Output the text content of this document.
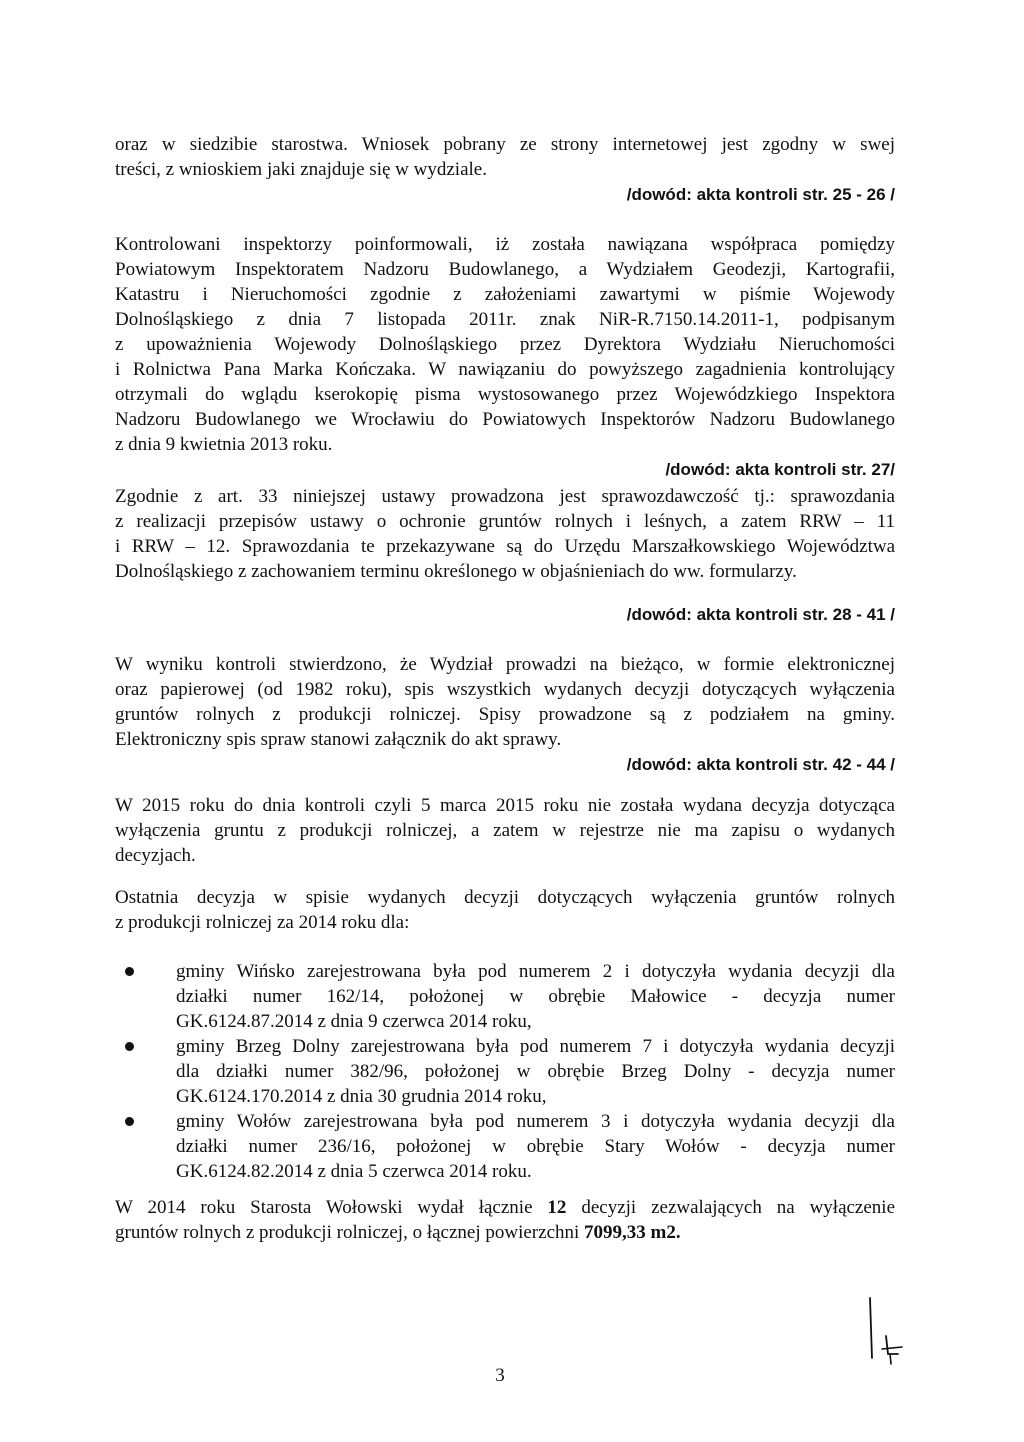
oraz w siedzibie starostwa. Wniosek pobrany ze strony internetowej jest zgodny w swej
treści, z wnioskiem jaki znajduje się w wydziale.
/dowód: akta kontroli str. 25 - 26 /
Kontrolowani inspektorzy poinformowali, iż została nawiązana współpraca pomiędzy
Powiatowym Inspektoratem Nadzoru Budowlanego, a Wydziałem Geodezji, Kartografii,
Katastru i Nieruchomości zgodnie z założeniami zawartymi w piśmie Wojewody
Dolnośląskiego z dnia 7 listopada 2011r. znak NiR-R.7150.14.2011-1, podpisanym
z upoważnienia Wojewody Dolnośląskiego przez Dyrektora Wydziału Nieruchomości
i Rolnictwa Pana Marka Kończaka. W nawiązaniu do powyższego zagadnienia kontrolujący
otrzymali do wglądu kserokopię pisma wystosowanego przez Wojewódzkiego Inspektora
Nadzoru Budowlanego we Wrocławiu do Powiatowych Inspektorów Nadzoru Budowlanego
z dnia 9 kwietnia 2013 roku.
/dowód: akta kontroli str. 27/
Zgodnie z art. 33 niniejszej ustawy prowadzona jest sprawozdawczość tj.: sprawozdania
z realizacji przepisów ustawy o ochronie gruntów rolnych i leśnych, a zatem RRW – 11
i RRW – 12. Sprawozdania te przekazywane są do Urzędu Marszałkowskiego Województwa
Dolnośląskiego z zachowaniem terminu określonego w objaśnieniach do ww. formularzy.
/dowód: akta kontroli str. 28 - 41 /
W wyniku kontroli stwierdzono, że Wydział prowadzi na bieżąco, w formie elektronicznej
oraz papierowej (od 1982 roku), spis wszystkich wydanych decyzji dotyczących wyłączenia
gruntów rolnych z produkcji rolniczej. Spisy prowadzone są z podziałem na gminy.
Elektroniczny spis spraw stanowi załącznik do akt sprawy.
/dowód: akta kontroli str. 42 - 44 /
W 2015 roku do dnia kontroli czyli 5 marca 2015 roku nie została wydana decyzja dotycząca
wyłączenia gruntu z produkcji rolniczej, a zatem w rejestrze nie ma zapisu o wydanych
decyzjach.
Ostatnia decyzja w spisie wydanych decyzji dotyczących wyłączenia gruntów rolnych
z produkcji rolniczej za 2014 roku dla:
gminy Wińsko zarejestrowana była pod numerem 2 i dotyczyła wydania decyzji dla
działki numer 162/14, położonej w obrębie Małowice - decyzja numer
GK.6124.87.2014 z dnia 9 czerwca 2014 roku,
gminy Brzeg Dolny zarejestrowana była pod numerem 7 i dotyczyła wydania decyzji
dla działki numer 382/96, położonej w obrębie Brzeg Dolny - decyzja numer
GK.6124.170.2014 z dnia 30 grudnia 2014 roku,
gminy Wołów zarejestrowana była pod numerem 3 i dotyczyła wydania decyzji dla
działki numer 236/16, położonej w obrębie Stary Wołów - decyzja numer
GK.6124.82.2014 z dnia 5 czerwca 2014 roku.
W 2014 roku Starosta Wołowski wydał łącznie 12 decyzji zezwalających na wyłączenie
gruntów rolnych z produkcji rolniczej, o łącznej powierzchni 7099,33 m2.
3
